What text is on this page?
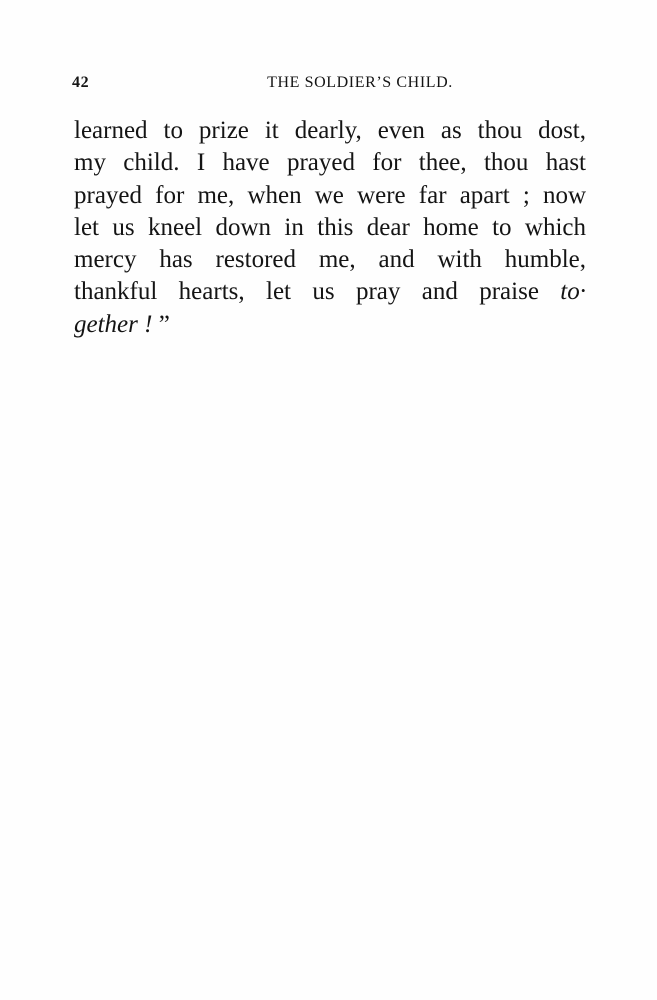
42	THE SOLDIER’S CHILD.
learned to prize it dearly, even as thou dost,
my child. I have prayed for thee, thou hast
prayed for me, when we were far apart ; now
let us kneel down in this dear home to which
mercy has restored me, and with humble,
thankful hearts, let us pray and praise to·
gether ! ”
